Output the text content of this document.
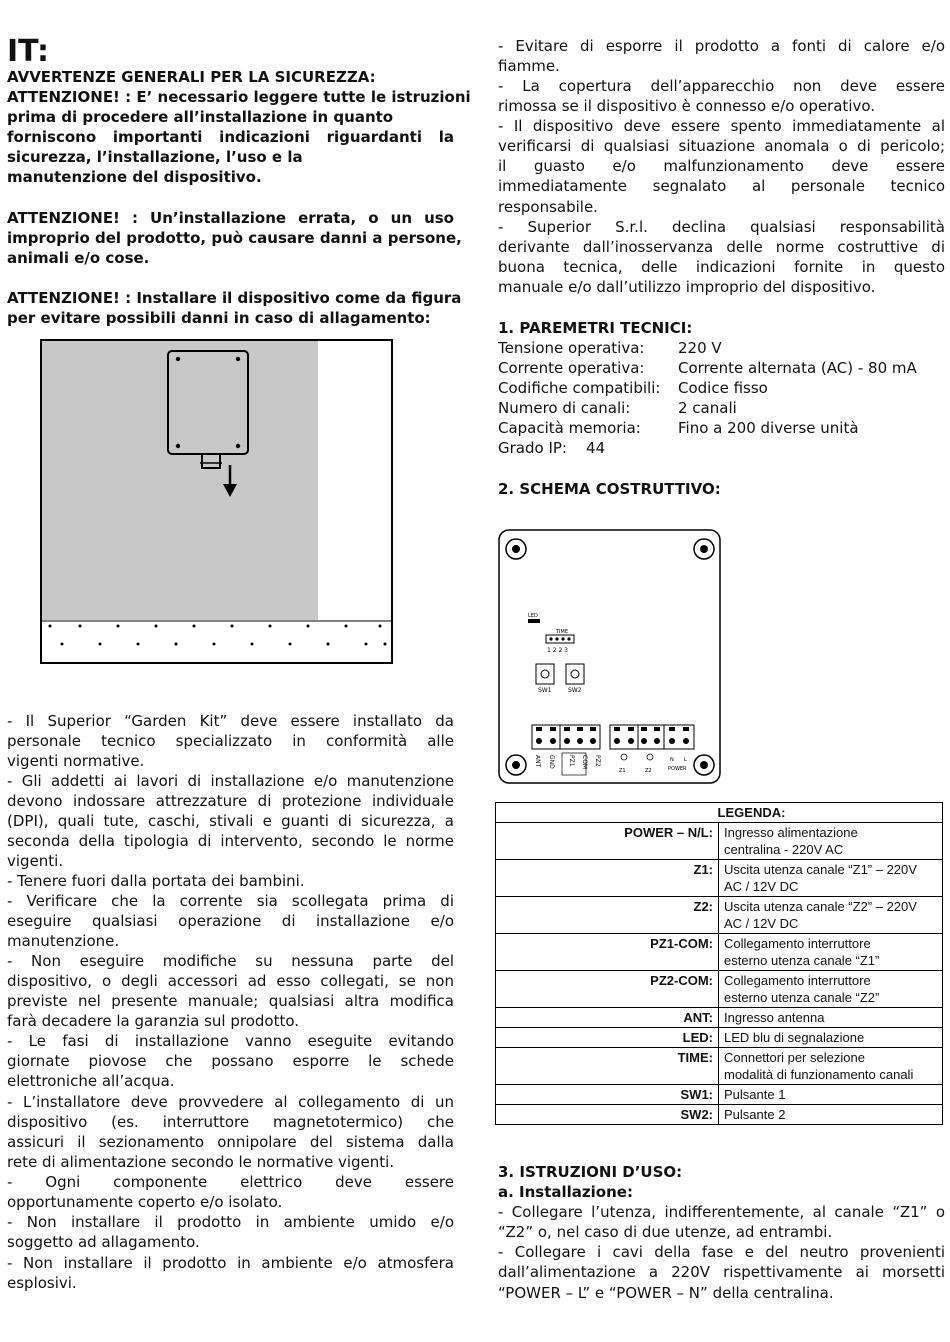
IT:
AVVERTENZE GENERALI PER LA SICUREZZA:
ATTENZIONE! : E’ necessario leggere tutte le istruzioni
prima di procedere all’installazione in quanto
forniscono importanti indicazioni riguardanti la
sicurezza, l’installazione, l’uso e la
manutenzione del dispositivo.
ATTENZIONE! : Un’installazione errata, o un uso
improprio del prodotto, può causare danni a persone,
animali e/o cose.
ATTENZIONE! : Installare il dispositivo come da figura
per evitare possibili danni in caso di allagamento:
- Il Superior “Garden Kit” deve essere installato da
personale tecnico specializzato in conformità alle
vigenti normative.
- Gli addetti ai lavori di installazione e/o manutenzione
devono indossare attrezzature di protezione individuale
(DPI), quali tute, caschi, stivali e guanti di sicurezza, a
seconda della tipologia di intervento, secondo le norme
vigenti.
- Tenere fuori dalla portata dei bambini.
- Verificare che la corrente sia scollegata prima di
eseguire qualsiasi operazione di installazione e/o
manutenzione.
- Non eseguire modifiche su nessuna parte del
dispositivo, o degli accessori ad esso collegati, se non
previste nel presente manuale; qualsiasi altra modifica
farà decadere la garanzia sul prodotto.
- Le fasi di installazione vanno eseguite evitando
giornate piovose che possano esporre le schede
elettroniche all’acqua.
- L’installatore deve provvedere al collegamento di un
dispositivo (es. interruttore magnetotermico) che
assicuri il sezionamento onnipolare del sistema dalla
rete di alimentazione secondo le normative vigenti.
- Ogni componente elettrico deve essere
opportunamente coperto e/o isolato.
- Non installare il prodotto in ambiente umido e/o
soggetto ad allagamento.
- Non installare il prodotto in ambiente e/o atmosfera
esplosivi.
- Evitare di esporre il prodotto a fonti di calore e/o
fiamme.
- La copertura dell’apparecchio non deve essere
rimossa se il dispositivo è connesso e/o operativo.
- Il dispositivo deve essere spento immediatamente al
verificarsi di qualsiasi situazione anomala o di pericolo;
il guasto e/o malfunzionamento deve essere
immediatamente segnalato al personale tecnico
responsabile.
- Superior S.r.l. declina qualsiasi responsabilità
derivante dall’inosservanza delle norme costruttive di
buona tecnica, delle indicazioni fornite in questo
manuale e/o dall’utilizzo improprio del dispositivo.
1. PAREMETRI TECNICI:
Tensione operativa: 220 V
Corrente operativa: Corrente alternata (AC) - 80 mA
Codifiche compatibili: Codice fisso
Numero di canali:	2 canali
Capacità memoria: Fino a 200 diverse unità
Grado IP:    44
2. SCHEMA COSTRUTTIVO:
LED
TIME
1 2 2 3
SW1	SW2
ANT GND PZ1 COM PZ2
Z1	Z2
N L
POWER
LEGENDA:	
POWER – N/L:	Ingresso alimentazione
centralina - 220V AC

Z1:	Uscita utenza canale “Z1” – 220V
AC / 12V DC

Z2:	Uscita utenza canale “Z2” – 220V
AC / 12V DC

PZ1-COM:	Collegamento interruttore
esterno utenza canale “Z1”

PZ2-COM:	Collegamento interruttore
esterno utenza canale “Z2”

ANT:	Ingresso antenna
LED:	LED blu di segnalazione
TIME:	Connettori per selezione
modalità di funzionamento canali

SW1:	Pulsante 1
SW2:	Pulsante 2
3. ISTRUZIONI D’USO:
a. Installazione:
- Collegare l’utenza, indifferentemente, al canale “Z1” o
“Z2” o, nel caso di due utenze, ad entrambi.
- Collegare i cavi della fase e del neutro provenienti
dall’alimentazione a 220V rispettivamente ai morsetti
“POWER – L” e “POWER – N” della centralina.
